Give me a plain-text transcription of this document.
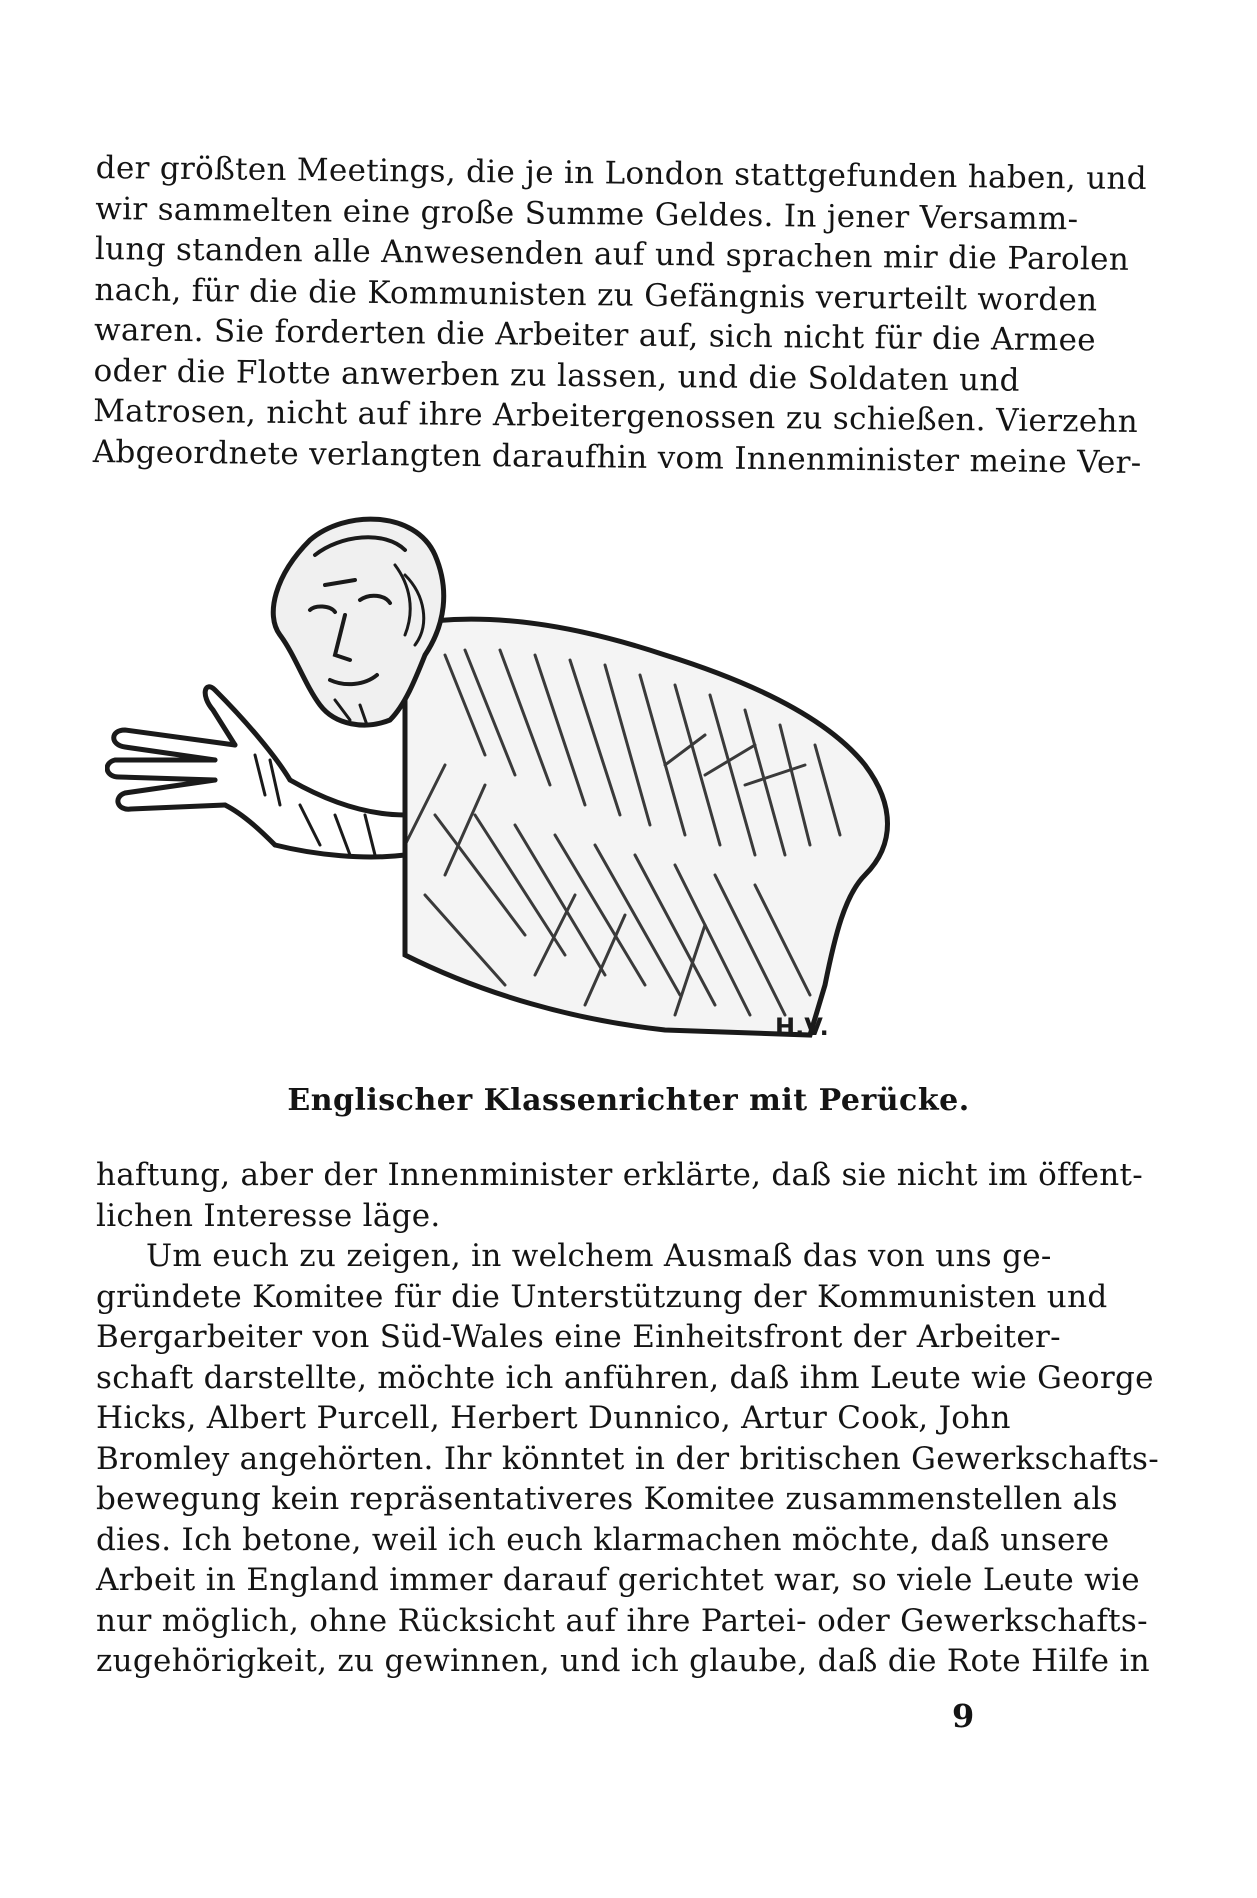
der größten Meetings, die je in London stattgefunden haben, und
wir sammelten eine große Summe Geldes. In jener Versamm-
lung standen alle Anwesenden auf und sprachen mir die Parolen
nach, für die die Kommunisten zu Gefängnis verurteilt worden
waren. Sie forderten die Arbeiter auf, sich nicht für die Armee
oder die Flotte anwerben zu lassen, und die Soldaten und
Matrosen, nicht auf ihre Arbeitergenossen zu schießen. Vierzehn
Abgeordnete verlangten daraufhin vom Innenminister meine Ver-
H.V.
Englischer Klassenrichter mit Perücke.
haftung, aber der Innenminister erklärte, daß sie nicht im öffent-
lichen Interesse läge.
Um euch zu zeigen, in welchem Ausmaß das von uns ge-
gründete Komitee für die Unterstützung der Kommunisten und
Bergarbeiter von Süd-Wales eine Einheitsfront der Arbeiter-
schaft darstellte, möchte ich anführen, daß ihm Leute wie George
Hicks, Albert Purcell, Herbert Dunnico, Artur Cook, John
Bromley angehörten. Ihr könntet in der britischen Gewerkschafts-
bewegung kein repräsentativeres Komitee zusammenstellen als
dies. Ich betone, weil ich euch klarmachen möchte, daß unsere
Arbeit in England immer darauf gerichtet war, so viele Leute wie
nur möglich, ohne Rücksicht auf ihre Partei- oder Gewerkschafts-
zugehörigkeit, zu gewinnen, und ich glaube, daß die Rote Hilfe in
9
